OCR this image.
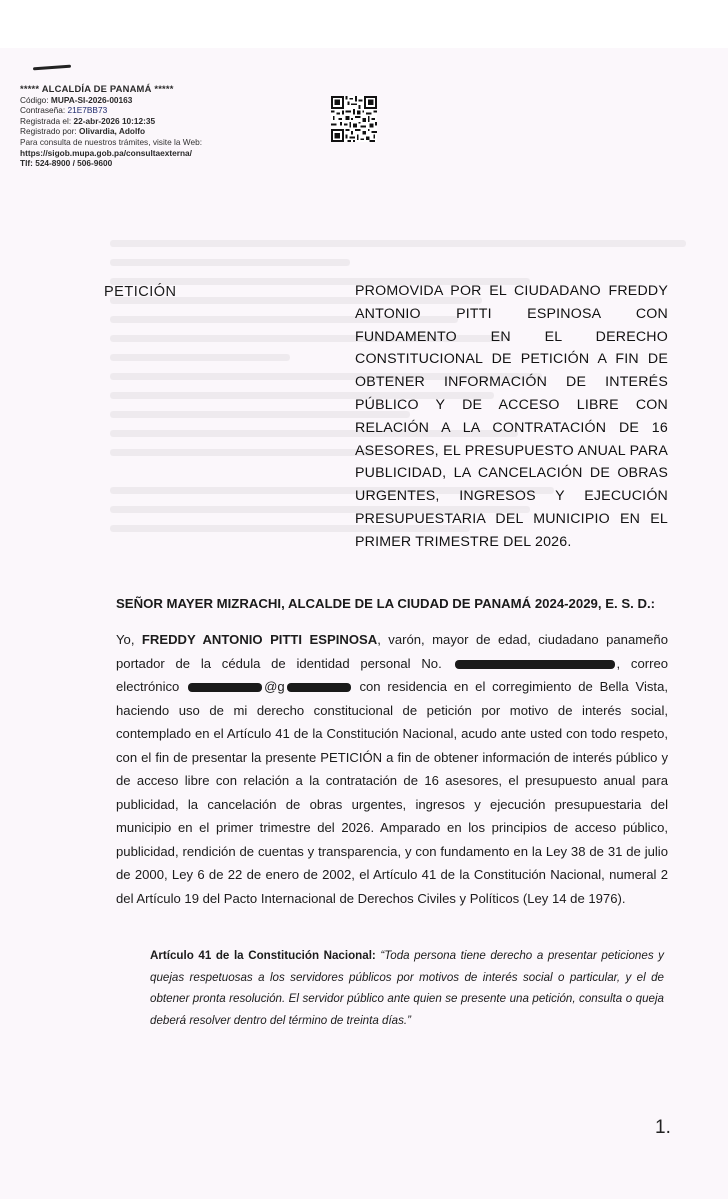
***** ALCALDÍA DE PANAMÁ *****
Código: MUPA-SI-2026-00163
Contraseña: 21E7BB73
Registrada el: 22-abr-2026 10:12:35
Registrado por: Olivardia, Adolfo
Para consulta de nuestros trámites, visite la Web:
https://sigob.mupa.gob.pa/consultaexterna/
Tlf: 524-8900 / 506-9600
PETICIÓN	PROMOVIDA POR EL CIUDADANO FREDDY ANTONIO PITTI ESPINOSA CON FUNDAMENTO EN EL DERECHO CONSTITUCIONAL DE PETICIÓN A FIN DE OBTENER INFORMACIÓN DE INTERÉS PÚBLICO Y DE ACCESO LIBRE CON RELACIÓN A LA CONTRATACIÓN DE 16 ASESORES, EL PRESUPUESTO ANUAL PARA PUBLICIDAD, LA CANCELACIÓN DE OBRAS URGENTES, INGRESOS Y EJECUCIÓN PRESUPUESTARIA DEL MUNICIPIO EN EL PRIMER TRIMESTRE DEL 2026.
SEÑOR MAYER MIZRACHI, ALCALDE DE LA CIUDAD DE PANAMÁ 2024-2029, E. S. D.:
Yo, FREDDY ANTONIO PITTI ESPINOSA, varón, mayor de edad, ciudadano panameño portador de la cédula de identidad personal No.	, correo electrónico	@g	con residencia en el corregimiento de Bella Vista, haciendo uso de mi derecho constitucional de petición por motivo de interés social, contemplado en el Artículo 41 de la Constitución Nacional, acudo ante usted con todo respeto, con el fin de presentar la presente PETICIÓN a fin de obtener información de interés público y de acceso libre con relación a la contratación de 16 asesores, el presupuesto anual para publicidad, la cancelación de obras urgentes, ingresos y ejecución presupuestaria del municipio en el primer trimestre del 2026. Amparado en los principios de acceso público, publicidad, rendición de cuentas y transparencia, y con fundamento en la Ley 38 de 31 de julio de 2000, Ley 6 de 22 de enero de 2002, el Artículo 41 de la Constitución Nacional, numeral 2 del Artículo 19 del Pacto Internacional de Derechos Civiles y Políticos (Ley 14 de 1976).
Artículo 41 de la Constitución Nacional: “Toda persona tiene derecho a presentar peticiones y quejas respetuosas a los servidores públicos por motivos de interés social o particular, y el de obtener pronta resolución. El servidor público ante quien se presente una petición, consulta o queja deberá resolver dentro del término de treinta días.”
1.
